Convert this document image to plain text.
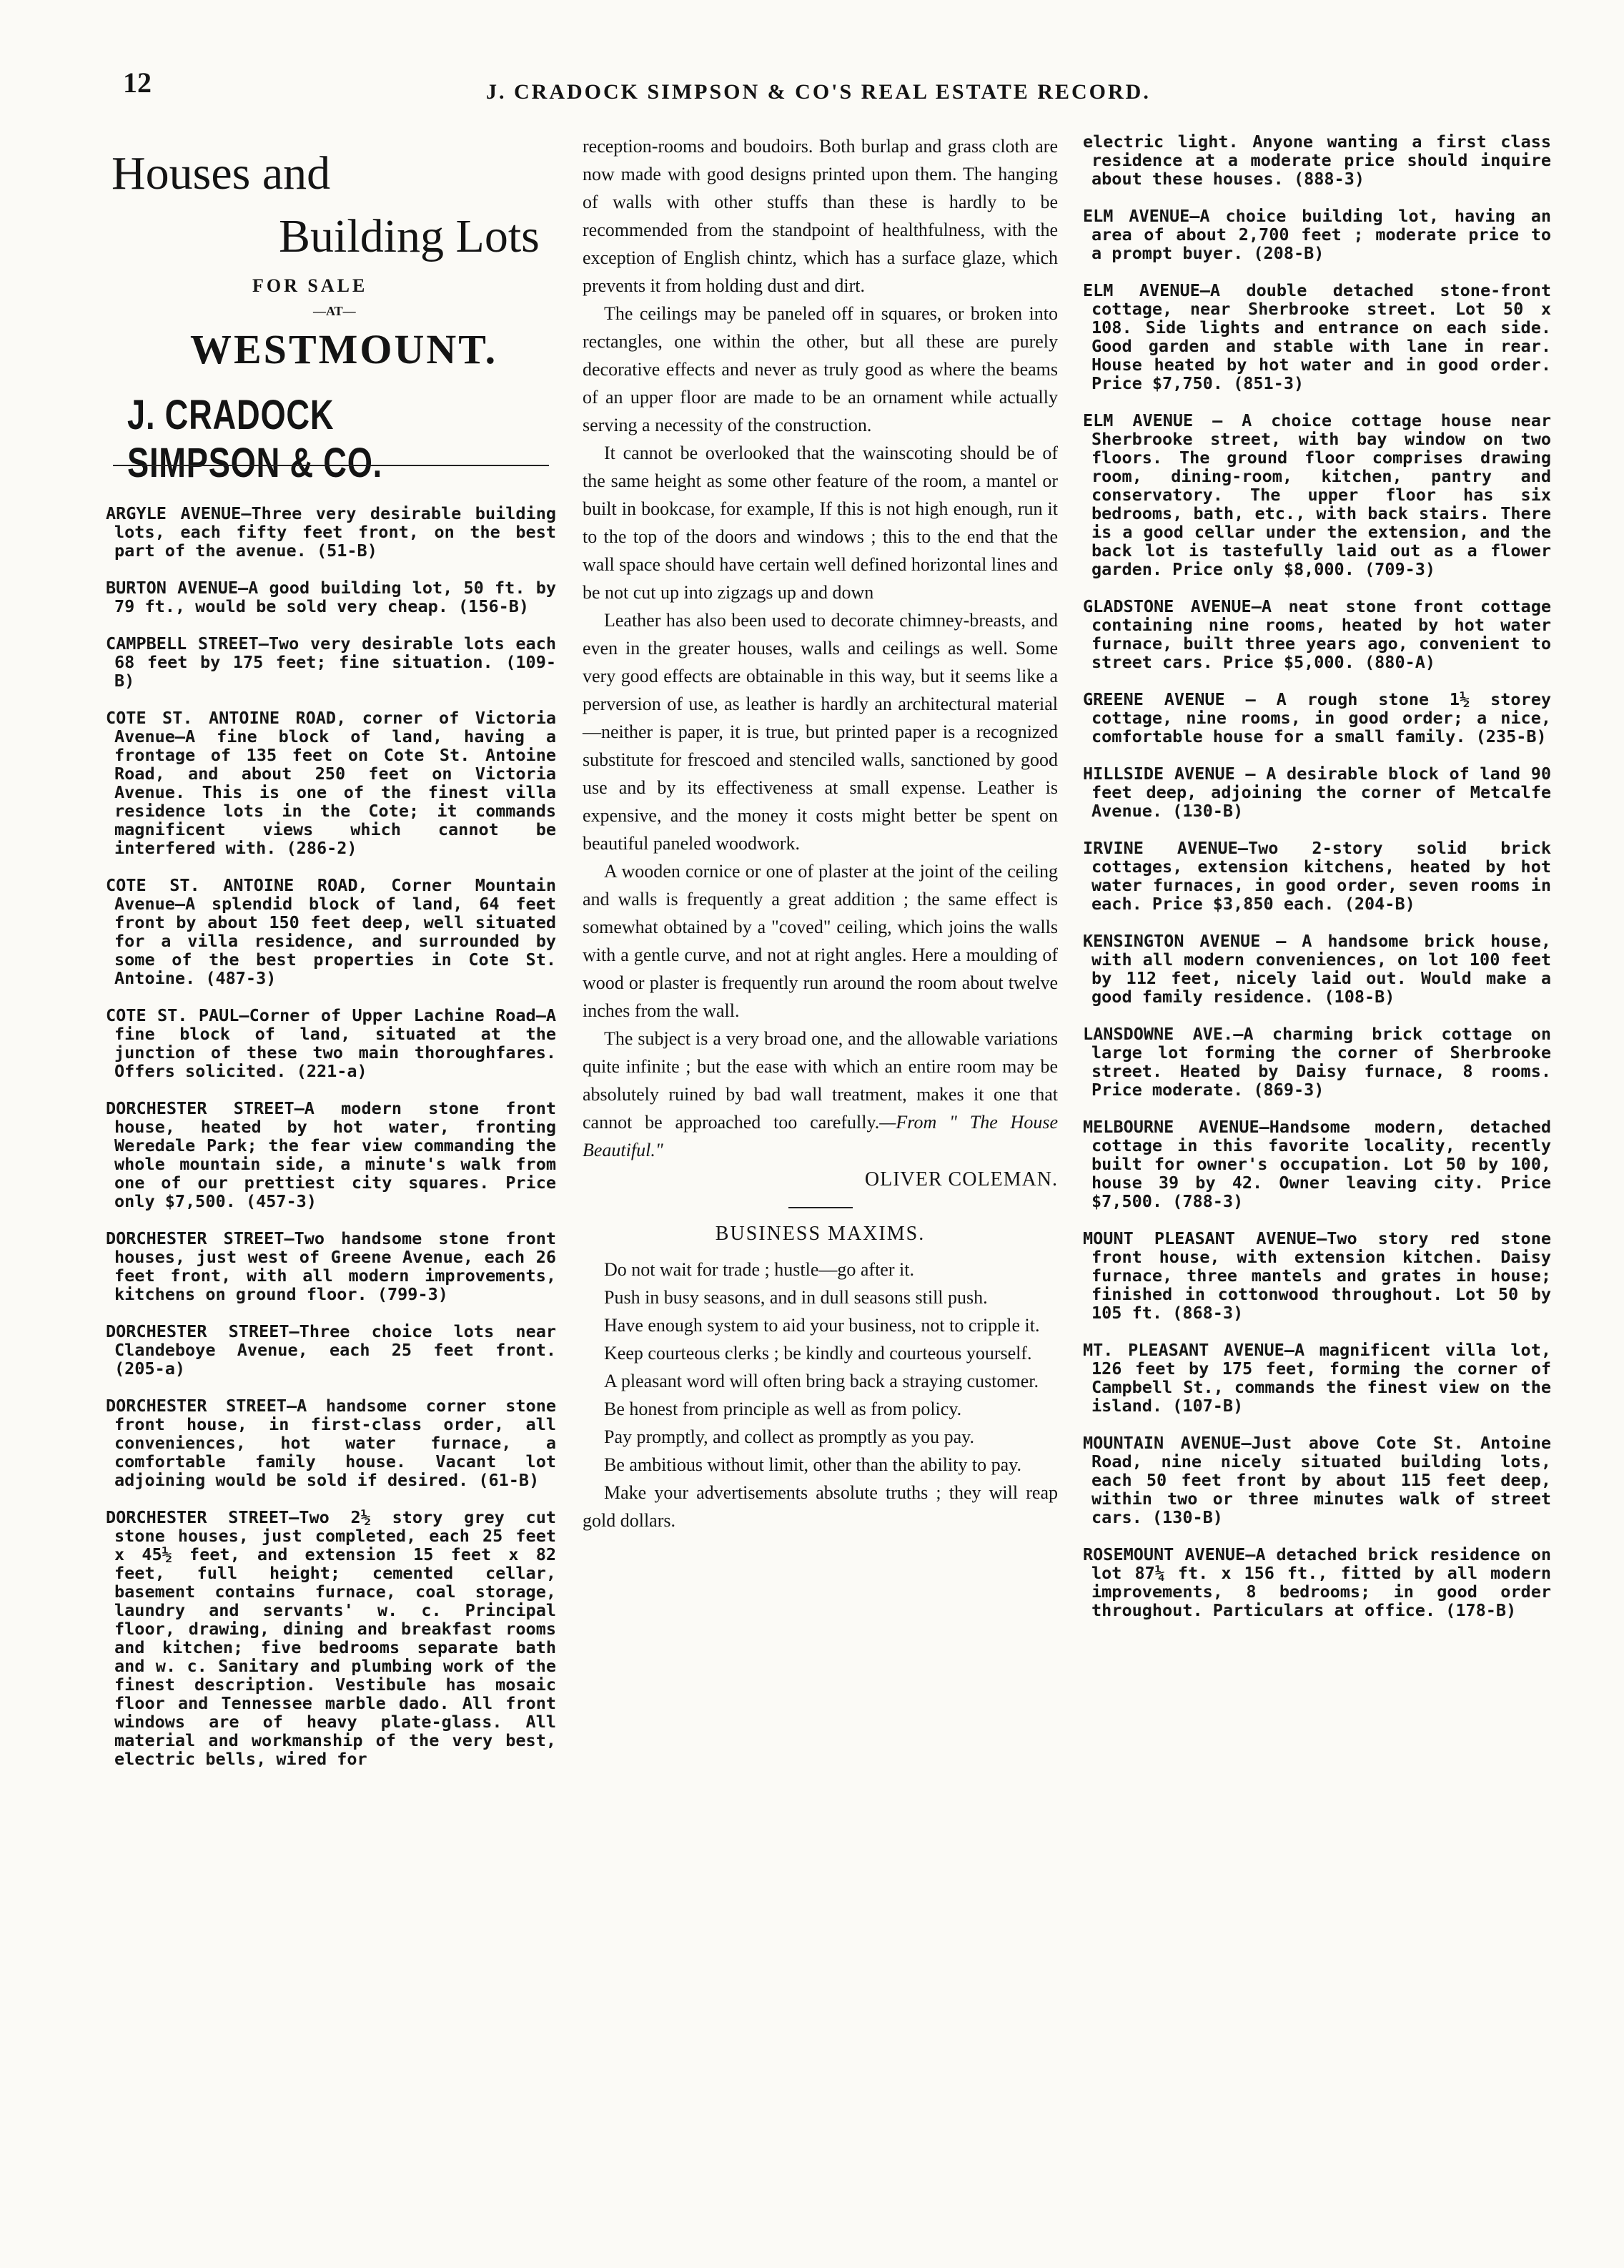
12	J. CRADOCK SIMPSON & CO'S REAL ESTATE RECORD.
Houses and
Building Lots
FOR SALE
—AT—
WESTMOUNT.
J. CRADOCK SIMPSON & CO.

ARGYLE AVENUE—Three very desirable building lots, each fifty feet front, on the best part of the avenue. (51-B)

BURTON AVENUE—A good building lot, 50 ft. by 79 ft., would be sold very cheap. (156-B)

CAMPBELL STREET—Two very desirable lots each 68 feet by 175 feet; fine situation. (109-B)

COTE ST. ANTOINE ROAD, corner of Victoria Avenue—A fine block of land, having a frontage of 135 feet on Cote St. Antoine Road, and about 250 feet on Victoria Avenue. This is one of the finest villa residence lots in the Cote; it commands magnificent views which cannot be interfered with. (286-2)

COTE ST. ANTOINE ROAD, Corner Mountain Avenue—A splendid block of land, 64 feet front by about 150 feet deep, well situated for a villa residence, and surrounded by some of the best properties in Cote St. Antoine. (487-3)

COTE ST. PAUL—Corner of Upper Lachine Road—A fine block of land, situated at the junction of these two main thoroughfares. Offers solicited. (221-a)

DORCHESTER STREET—A modern stone front house, heated by hot water, fronting Weredale Park; the fear view commanding the whole mountain side, a minute's walk from one of our prettiest city squares. Price only $7,500. (457-3)

DORCHESTER STREET—Two handsome stone front houses, just west of Greene Avenue, each 26 feet front, with all modern improvements, kitchens on ground floor. (799-3)

DORCHESTER STREET—Three choice lots near Clandeboye Avenue, each 25 feet front. (205-a)

DORCHESTER STREET—A handsome corner stone front house, in first-class order, all conveniences, hot water furnace, a comfortable family house. Vacant lot adjoining would be sold if desired. (61-B)

DORCHESTER STREET—Two 2½ story grey cut stone houses, just completed, each 25 feet x 45½ feet, and extension 15 feet x 82 feet, full height; cemented cellar, basement contains furnace, coal storage, laundry and servants' w. c. Principal floor, drawing, dining and breakfast rooms and kitchen; five bedrooms separate bath and w. c. Sanitary and plumbing work of the finest description. Vestibule has mosaic floor and Tennessee marble dado. All front windows are of heavy plate-glass. All material and workmanship of the very best, electric bells, wired for

reception-rooms and boudoirs. Both burlap and grass cloth are now made with good designs printed upon them. The hanging of walls with other stuffs than these is hardly to be recommended from the standpoint of healthfulness, with the exception of English chintz, which has a surface glaze, which prevents it from holding dust and dirt.

The ceilings may be paneled off in squares, or broken into rectangles, one within the other, but all these are purely decorative effects and never as truly good as where the beams of an upper floor are made to be an ornament while actually serving a necessity of the construction.

It cannot be overlooked that the wainscoting should be of the same height as some other feature of the room, a mantel or built in bookcase, for example, If this is not high enough, run it to the top of the doors and windows ; this to the end that the wall space should have certain well defined horizontal lines and be not cut up into zigzags up and down

Leather has also been used to decorate chimney-breasts, and even in the greater houses, walls and ceilings as well. Some very good effects are obtainable in this way, but it seems like a perversion of use, as leather is hardly an architectural material—neither is paper, it is true, but printed paper is a recognized substitute for frescoed and stenciled walls, sanctioned by good use and by its effectiveness at small expense. Leather is expensive, and the money it costs might better be spent on beautiful paneled woodwork.

A wooden cornice or one of plaster at the joint of the ceiling and walls is frequently a great addition ; the same effect is somewhat obtained by a "coved" ceiling, which joins the walls with a gentle curve, and not at right angles. Here a moulding of wood or plaster is frequently run around the room about twelve inches from the wall.

The subject is a very broad one, and the allowable variations quite infinite ; but the ease with which an entire room may be absolutely ruined by bad wall treatment, makes it one that cannot be approached too carefully.—From " The House Beautiful."

OLIVER COLEMAN.

BUSINESS MAXIMS.

Do not wait for trade ; hustle—go after it.

Push in busy seasons, and in dull seasons still push.

Have enough system to aid your business, not to cripple it.

Keep courteous clerks ; be kindly and courteous yourself.

A pleasant word will often bring back a straying customer.

Be honest from principle as well as from policy.

Pay promptly, and collect as promptly as you pay.

Be ambitious without limit, other than the ability to pay.

Make your advertisements absolute truths ; they will reap gold dollars.

electric light. Anyone wanting a first class residence at a moderate price should inquire about these houses. (888-3)

ELM AVENUE—A choice building lot, having an area of about 2,700 feet ; moderate price to a prompt buyer. (208-B)

ELM AVENUE—A double detached stone-front cottage, near Sherbrooke street. Lot 50 x 108. Side lights and entrance on each side. Good garden and stable with lane in rear. House heated by hot water and in good order. Price $7,750. (851-3)

ELM AVENUE — A choice cottage house near Sherbrooke street, with bay window on two floors. The ground floor comprises drawing room, dining-room, kitchen, pantry and conservatory. The upper floor has six bedrooms, bath, etc., with back stairs. There is a good cellar under the extension, and the back lot is tastefully laid out as a flower garden. Price only $8,000. (709-3)

GLADSTONE AVENUE—A neat stone front cottage containing nine rooms, heated by hot water furnace, built three years ago, convenient to street cars. Price $5,000. (880-A)

GREENE AVENUE — A rough stone 1½ storey cottage, nine rooms, in good order; a nice, comfortable house for a small family. (235-B)

HILLSIDE AVENUE — A desirable block of land 90 feet deep, adjoining the corner of Metcalfe Avenue. (130-B)

IRVINE AVENUE—Two 2-story solid brick cottages, extension kitchens, heated by hot water furnaces, in good order, seven rooms in each. Price $3,850 each. (204-B)

KENSINGTON AVENUE — A handsome brick house, with all modern conveniences, on lot 100 feet by 112 feet, nicely laid out. Would make a good family residence. (108-B)

LANSDOWNE AVE.—A charming brick cottage on large lot forming the corner of Sherbrooke street. Heated by Daisy furnace, 8 rooms. Price moderate. (869-3)

MELBOURNE AVENUE—Handsome modern, detached cottage in this favorite locality, recently built for owner's occupation. Lot 50 by 100, house 39 by 42. Owner leaving city. Price $7,500. (788-3)

MOUNT PLEASANT AVENUE—Two story red stone front house, with extension kitchen. Daisy furnace, three mantels and grates in house; finished in cottonwood throughout. Lot 50 by 105 ft. (868-3)

MT. PLEASANT AVENUE—A magnificent villa lot, 126 feet by 175 feet, forming the corner of Campbell St., commands the finest view on the island. (107-B)

MOUNTAIN AVENUE—Just above Cote St. Antoine Road, nine nicely situated building lots, each 50 feet front by about 115 feet deep, within two or three minutes walk of street cars. (130-B)

ROSEMOUNT AVENUE—A detached brick residence on lot 87¼ ft. x 156 ft., fitted by all modern improvements, 8 bedrooms; in good order throughout. Particulars at office. (178-B)
